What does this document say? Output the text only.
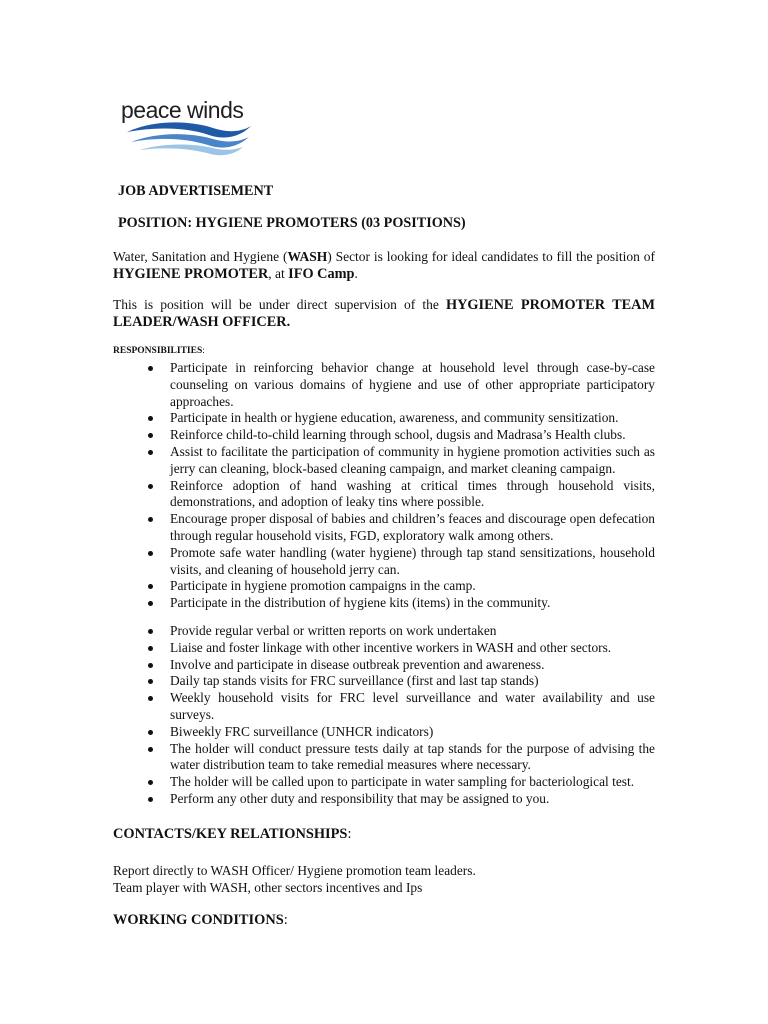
peace winds
JOB ADVERTISEMENT
POSITION: HYGIENE PROMOTERS (03 POSITIONS)
Water, Sanitation and Hygiene (WASH) Sector is looking for ideal candidates to fill the position of HYGIENE PROMOTER, at IFO Camp.
This is position will be under direct supervision of the HYGIENE PROMOTER TEAM LEADER/WASH OFFICER.
RESPONSIBILITIES:
Participate in reinforcing behavior change at household level through case-by-case counseling on various domains of hygiene and use of other appropriate participatory approaches.
Participate in health or hygiene education, awareness, and community sensitization.
Reinforce child-to-child learning through school, dugsis and Madrasa’s Health clubs.
Assist to facilitate the participation of community in hygiene promotion activities such as jerry can cleaning, block-based cleaning campaign, and market cleaning campaign.
Reinforce adoption of hand washing at critical times through household visits, demonstrations, and adoption of leaky tins where possible.
Encourage proper disposal of babies and children’s feaces and discourage open defecation through regular household visits, FGD, exploratory walk among others.
Promote safe water handling (water hygiene) through tap stand sensitizations, household visits, and cleaning of household jerry can.
Participate in hygiene promotion campaigns in the camp.
Participate in the distribution of hygiene kits (items) in the community.
Provide regular verbal or written reports on work undertaken
Liaise and foster linkage with other incentive workers in WASH and other sectors.
Involve and participate in disease outbreak prevention and awareness.
Daily tap stands visits for FRC surveillance (first and last tap stands)
Weekly household visits for FRC level surveillance and water availability and use surveys.
Biweekly FRC surveillance (UNHCR indicators)
The holder will conduct pressure tests daily at tap stands for the purpose of advising the water distribution team to take remedial measures where necessary.
The holder will be called upon to participate in water sampling for bacteriological test.
Perform any other duty and responsibility that may be assigned to you.
CONTACTS/KEY RELATIONSHIPS:
Report directly to WASH Officer/ Hygiene promotion team leaders.
Team player with WASH, other sectors incentives and Ips
WORKING CONDITIONS:
